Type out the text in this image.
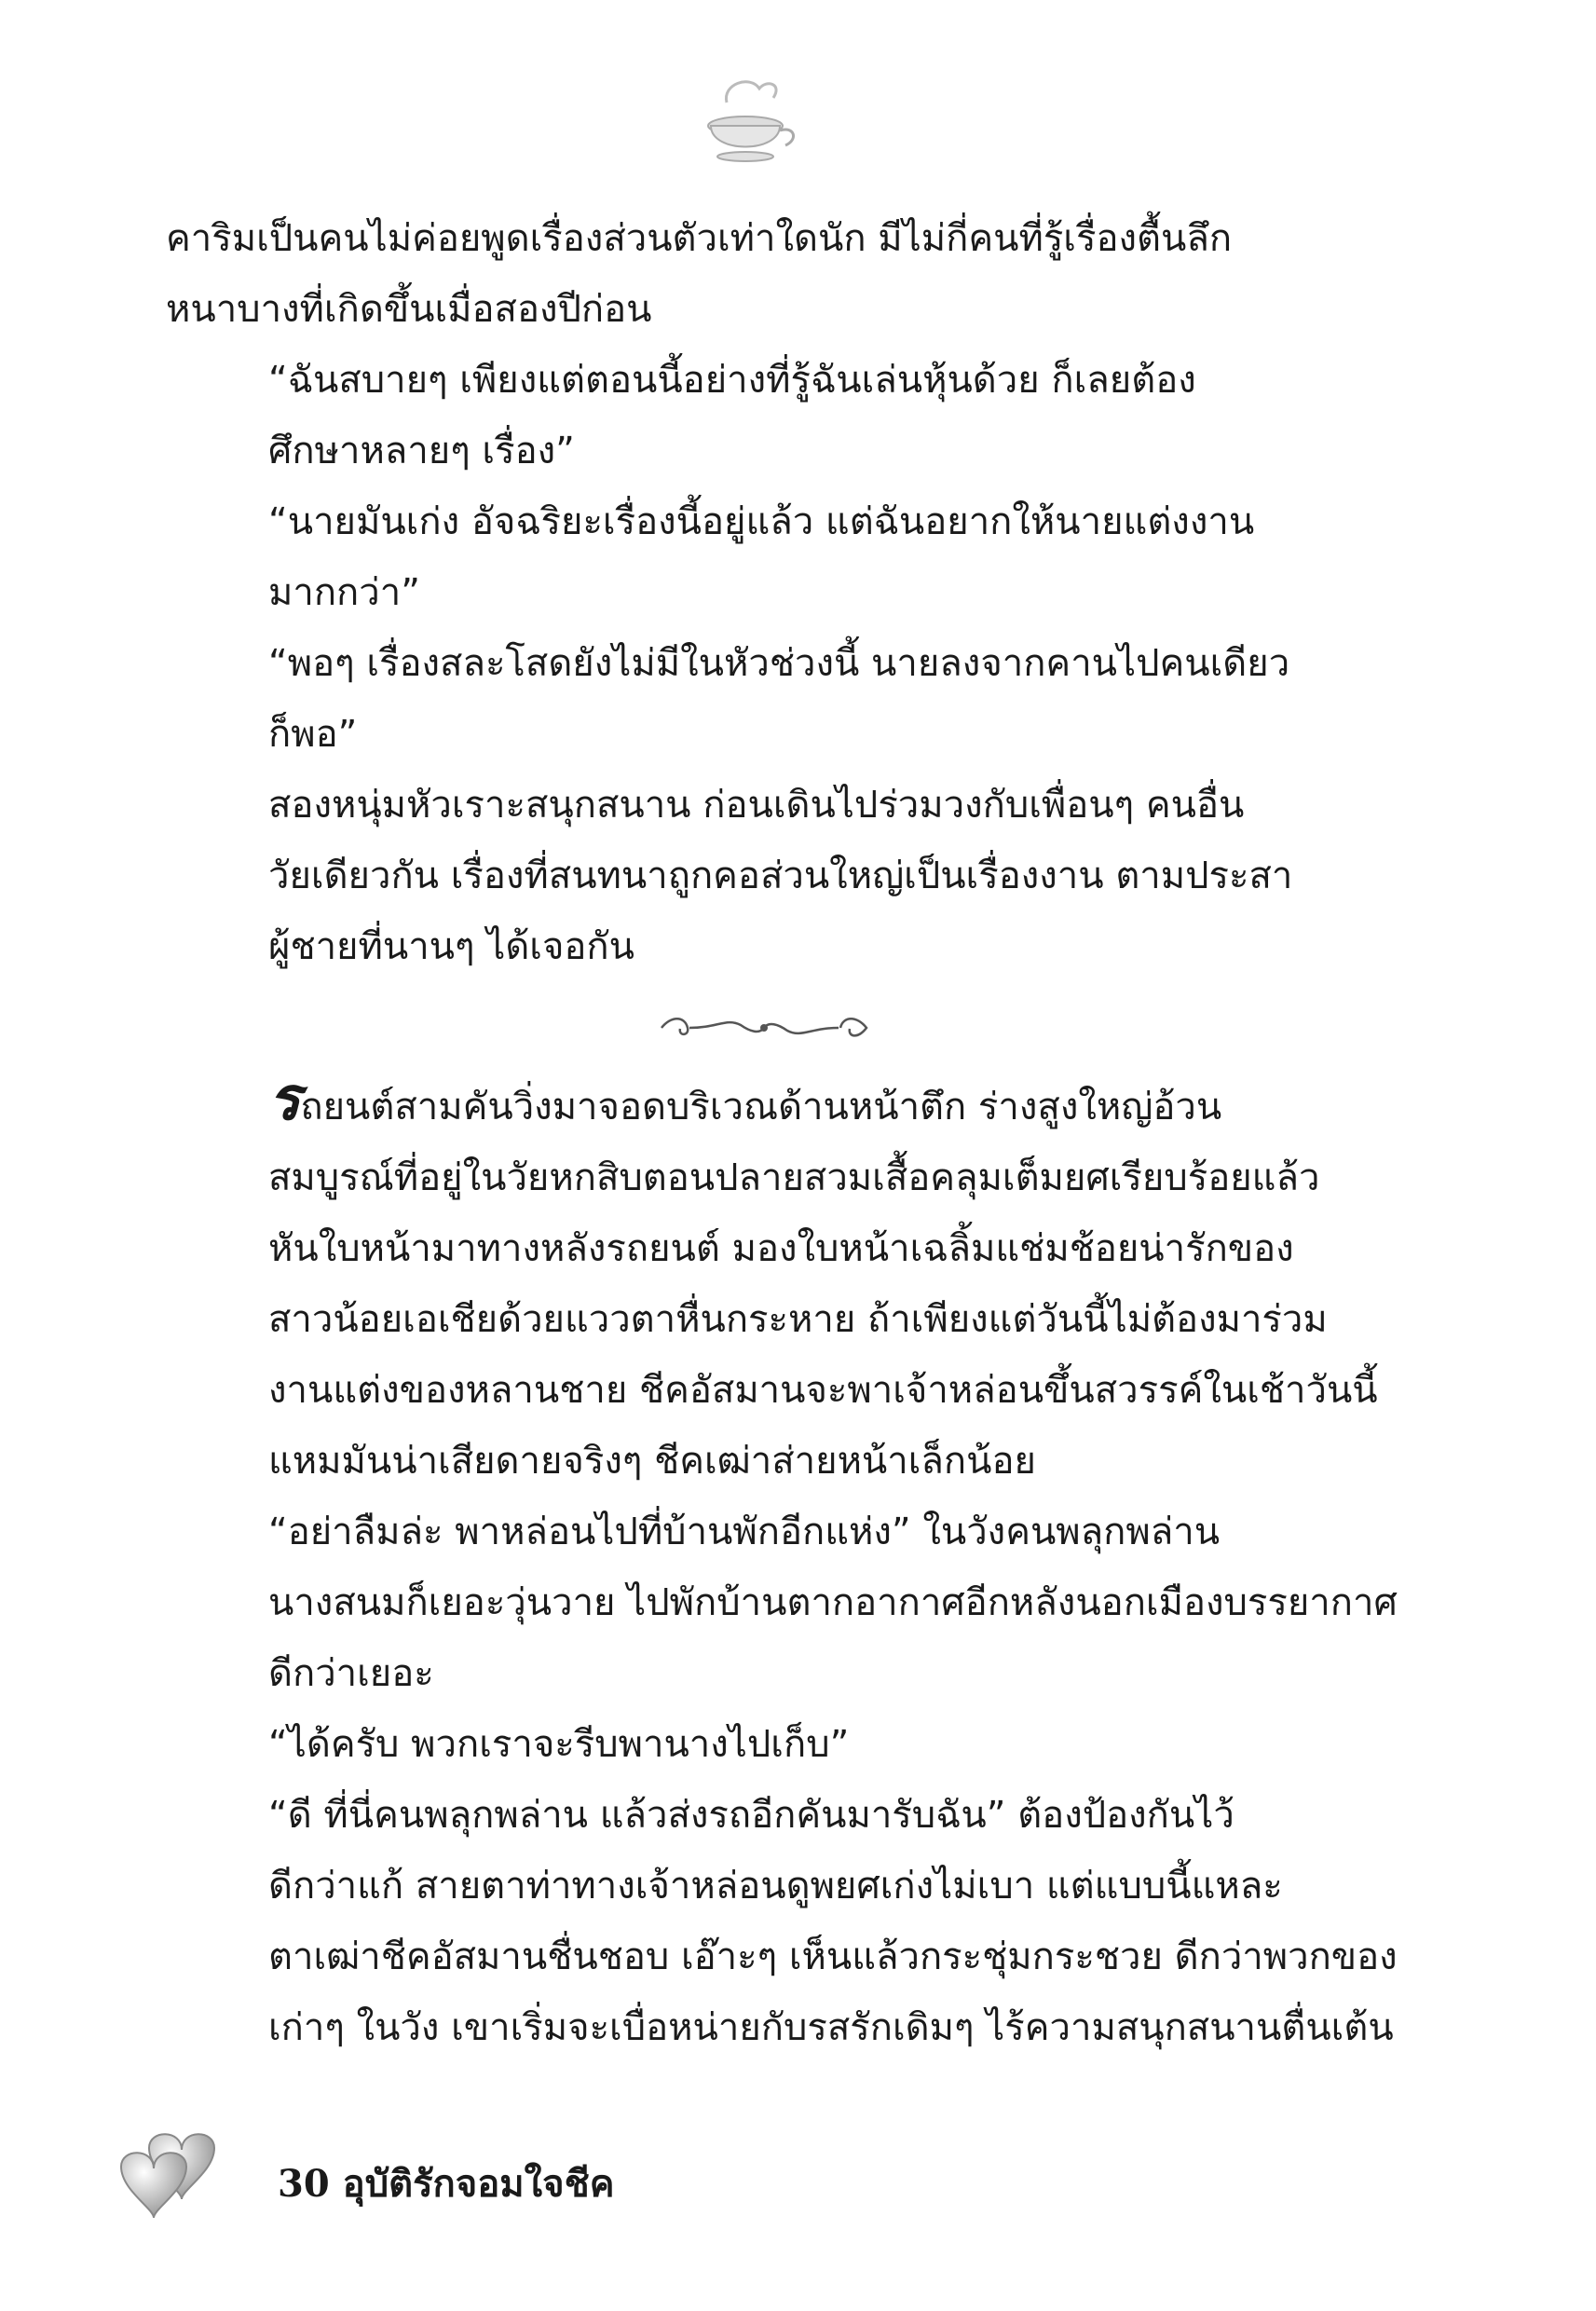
คาริมเป็นคนไม่ค่อยพูดเรื่องส่วนตัวเท่าใดนัก มีไม่กี่คนที่รู้เรื่องตื้นลึก
หนาบางที่เกิดขึ้นเมื่อสองปีก่อน
“ฉันสบายๆ เพียงแต่ตอนนี้อย่างที่รู้ฉันเล่นหุ้นด้วย ก็เลยต้อง
ศึกษาหลายๆ เรื่อง”
“นายมันเก่ง อัจฉริยะเรื่องนี้อยู่แล้ว แต่ฉันอยากให้นายแต่งงาน
มากกว่า”
“พอๆ เรื่องสละโสดยังไม่มีในหัวช่วงนี้ นายลงจากคานไปคนเดียว
ก็พอ”
สองหนุ่มหัวเราะสนุกสนาน ก่อนเดินไปร่วมวงกับเพื่อนๆ คนอื่น
วัยเดียวกัน เรื่องที่สนทนาถูกคอส่วนใหญ่เป็นเรื่องงาน ตามประสา
ผู้ชายที่นานๆ ได้เจอกัน
รถยนต์สามคันวิ่งมาจอดบริเวณด้านหน้าตึก ร่างสูงใหญ่อ้วน
สมบูรณ์ที่อยู่ในวัยหกสิบตอนปลายสวมเสื้อคลุมเต็มยศเรียบร้อยแล้ว
หันใบหน้ามาทางหลังรถยนต์ มองใบหน้าเฉลิ้มแช่มช้อยน่ารักของ
สาวน้อยเอเชียด้วยแววตาหื่นกระหาย ถ้าเพียงแต่วันนี้ไม่ต้องมาร่วม
งานแต่งของหลานชาย ชีคอัสมานจะพาเจ้าหล่อนขึ้นสวรรค์ในเช้าวันนี้
แหมมันน่าเสียดายจริงๆ ชีคเฒ่าส่ายหน้าเล็กน้อย
“อย่าลืมล่ะ พาหล่อนไปที่บ้านพักอีกแห่ง” ในวังคนพลุกพล่าน
นางสนมก็เยอะวุ่นวาย ไปพักบ้านตากอากาศอีกหลังนอกเมืองบรรยากาศ
ดีกว่าเยอะ
“ได้ครับ พวกเราจะรีบพานางไปเก็บ”
“ดี ที่นี่คนพลุกพล่าน แล้วส่งรถอีกคันมารับฉัน” ต้องป้องกันไว้
ดีกว่าแก้ สายตาท่าทางเจ้าหล่อนดูพยศเก่งไม่เบา แต่แบบนี้แหละ
ตาเฒ่าชีคอัสมานชื่นชอบ เอ๊าะๆ เห็นแล้วกระชุ่มกระชวย ดีกว่าพวกของ
เก่าๆ ในวัง เขาเริ่มจะเบื่อหน่ายกับรสรักเดิมๆ ไร้ความสนุกสนานตื่นเต้น
30 อุบัติรักจอมใจชีค
